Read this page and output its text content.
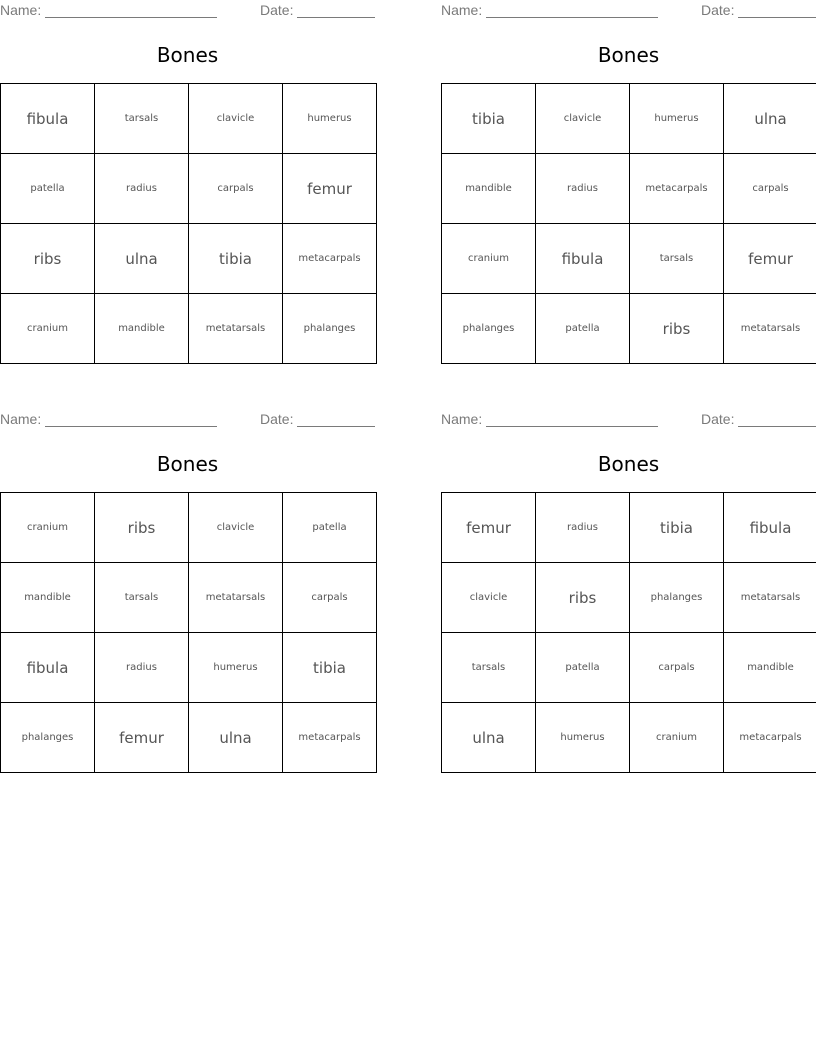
Name:	Date:
Bones
fibula	tarsals	clavicle	humerus
patella	radius	carpals	femur
ribs	ulna	tibia	metacarpals
cranium	mandible	metatarsals	phalanges
Name:	Date:
Bones
tibia	clavicle	humerus	ulna
mandible	radius	metacarpals	carpals
cranium	fibula	tarsals	femur
phalanges	patella	ribs	metatarsals
Name:	Date:
Bones
cranium	ribs	clavicle	patella
mandible	tarsals	metatarsals	carpals
fibula	radius	humerus	tibia
phalanges	femur	ulna	metacarpals
Name:	Date:
Bones
femur	radius	tibia	fibula
clavicle	ribs	phalanges	metatarsals
tarsals	patella	carpals	mandible
ulna	humerus	cranium	metacarpals
